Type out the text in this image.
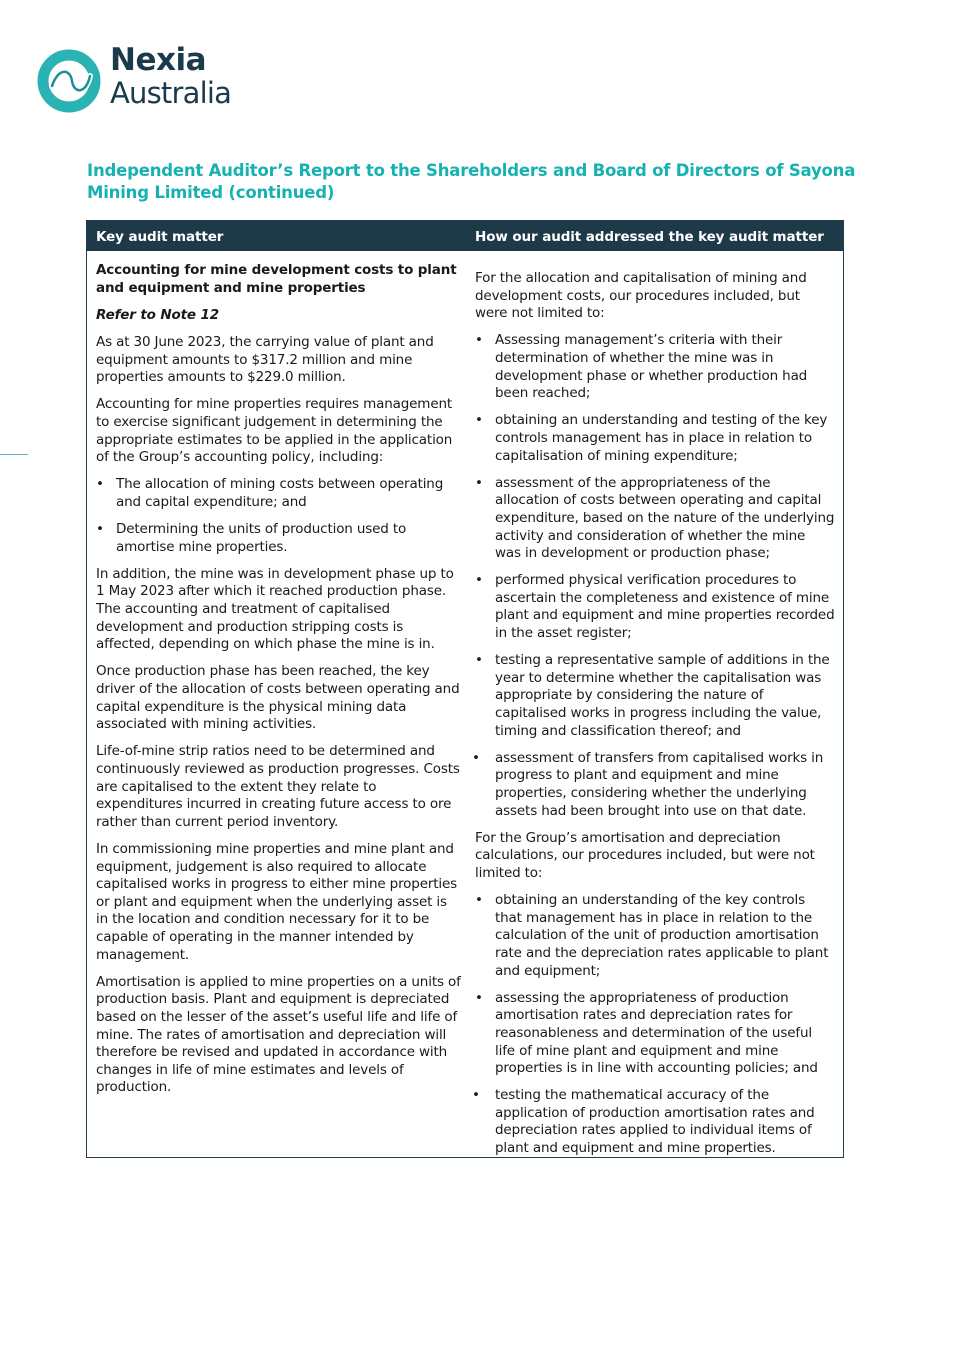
Nexia
Australia
Independent Auditor’s Report to the Shareholders and Board of Directors of Sayona Mining Limited (continued)
Key audit matter	How our audit addressed the key audit matter

Accounting for mine development costs to plant and equipment and mine properties

Refer to Note 12

As at 30 June 2023, the carrying value of plant and equipment amounts to $317.2 million and mine properties amounts to $229.0 million.

Accounting for mine properties requires management to exercise significant judgement in determining the appropriate estimates to be applied in the application of the Group’s accounting policy, including:

• The allocation of mining costs between operating and capital expenditure; and
• Determining the units of production used to amortise mine properties.

In addition, the mine was in development phase up to 1 May 2023 after which it reached production phase. The accounting and treatment of capitalised development and production stripping costs is affected, depending on which phase the mine is in.

Once production phase has been reached, the key driver of the allocation of costs between operating and capital expenditure is the physical mining data associated with mining activities.

Life-of-mine strip ratios need to be determined and continuously reviewed as production progresses. Costs are capitalised to the extent they relate to expenditures incurred in creating future access to ore rather than current period inventory.

In commissioning mine properties and mine plant and equipment, judgement is also required to allocate capitalised works in progress to either mine properties or plant and equipment when the underlying asset is in the location and condition necessary for it to be capable of operating in the manner intended by management.

Amortisation is applied to mine properties on a units of production basis. Plant and equipment is depreciated based on the lesser of the asset’s useful life and life of mine. The rates of amortisation and depreciation will therefore be revised and updated in accordance with changes in life of mine estimates and levels of production.

For the allocation and capitalisation of mining and development costs, our procedures included, but were not limited to:

• Assessing management’s criteria with their determination of whether the mine was in development phase or whether production had been reached;
• obtaining an understanding and testing of the key controls management has in place in relation to capitalisation of mining expenditure;
• assessment of the appropriateness of the allocation of costs between operating and capital expenditure, based on the nature of the underlying activity and consideration of whether the mine was in development or production phase;
• performed physical verification procedures to ascertain the completeness and existence of mine plant and equipment and mine properties recorded in the asset register;
• testing a representative sample of additions in the year to determine whether the capitalisation was appropriate by considering the nature of capitalised works in progress including the value, timing and classification thereof; and
• assessment of transfers from capitalised works in progress to plant and equipment and mine properties, considering whether the underlying assets had been brought into use on that date.

For the Group’s amortisation and depreciation calculations, our procedures included, but were not limited to:

• obtaining an understanding of the key controls that management has in place in relation to the calculation of the unit of production amortisation rate and the depreciation rates applicable to plant and equipment;
• assessing the appropriateness of production amortisation rates and depreciation rates for reasonableness and determination of the useful life of mine plant and equipment and mine properties is in line with accounting policies; and
• testing the mathematical accuracy of the application of production amortisation rates and depreciation rates applied to individual items of plant and equipment and mine properties.
